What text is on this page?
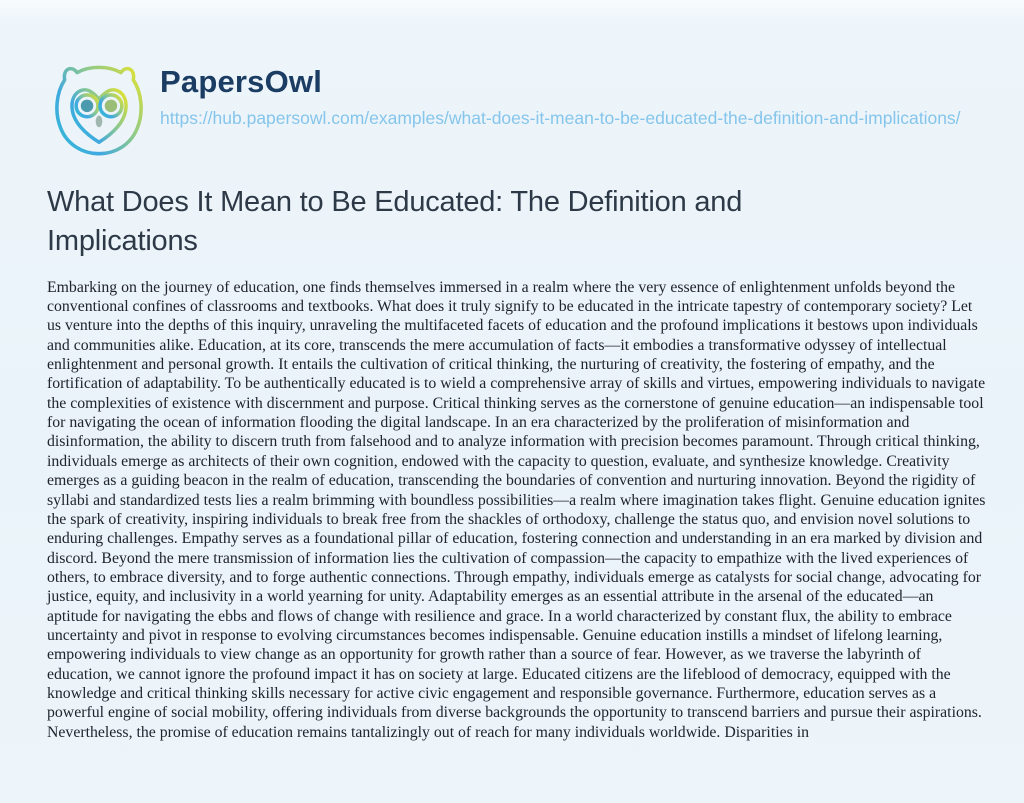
PapersOwl
https://hub.papersowl.com/examples/what-does-it-mean-to-be-educated-the-definition-and-implications/
What Does It Mean to Be Educated: The Definition and Implications

Embarking on the journey of education, one finds themselves immersed in a realm where the very essence of enlightenment unfolds beyond the conventional confines of classrooms and textbooks. What does it truly signify to be educated in the intricate tapestry of contemporary society? Let us venture into the depths of this inquiry, unraveling the multifaceted facets of education and the profound implications it bestows upon individuals and communities alike. Education, at its core, transcends the mere accumulation of facts—it embodies a transformative odyssey of intellectual enlightenment and personal growth. It entails the cultivation of critical thinking, the nurturing of creativity, the fostering of empathy, and the fortification of adaptability. To be authentically educated is to wield a comprehensive array of skills and virtues, empowering individuals to navigate the complexities of existence with discernment and purpose. Critical thinking serves as the cornerstone of genuine education—an indispensable tool for navigating the ocean of information flooding the digital landscape. In an era characterized by the proliferation of misinformation and disinformation, the ability to discern truth from falsehood and to analyze information with precision becomes paramount. Through critical thinking, individuals emerge as architects of their own cognition, endowed with the capacity to question, evaluate, and synthesize knowledge. Creativity emerges as a guiding beacon in the realm of education, transcending the boundaries of convention and nurturing innovation. Beyond the rigidity of syllabi and standardized tests lies a realm brimming with boundless possibilities—a realm where imagination takes flight. Genuine education ignites the spark of creativity, inspiring individuals to break free from the shackles of orthodoxy, challenge the status quo, and envision novel solutions to enduring challenges. Empathy serves as a foundational pillar of education, fostering connection and understanding in an era marked by division and discord. Beyond the mere transmission of information lies the cultivation of compassion—the capacity to empathize with the lived experiences of others, to embrace diversity, and to forge authentic connections. Through empathy, individuals emerge as catalysts for social change, advocating for justice, equity, and inclusivity in a world yearning for unity. Adaptability emerges as an essential attribute in the arsenal of the educated—an aptitude for navigating the ebbs and flows of change with resilience and grace. In a world characterized by constant flux, the ability to embrace uncertainty and pivot in response to evolving circumstances becomes indispensable. Genuine education instills a mindset of lifelong learning, empowering individuals to view change as an opportunity for growth rather than a source of fear. However, as we traverse the labyrinth of education, we cannot ignore the profound impact it has on society at large. Educated citizens are the lifeblood of democracy, equipped with the knowledge and critical thinking skills necessary for active civic engagement and responsible governance. Furthermore, education serves as a powerful engine of social mobility, offering individuals from diverse backgrounds the opportunity to transcend barriers and pursue their aspirations. Nevertheless, the promise of education remains tantalizingly out of reach for many individuals worldwide. Disparities in
